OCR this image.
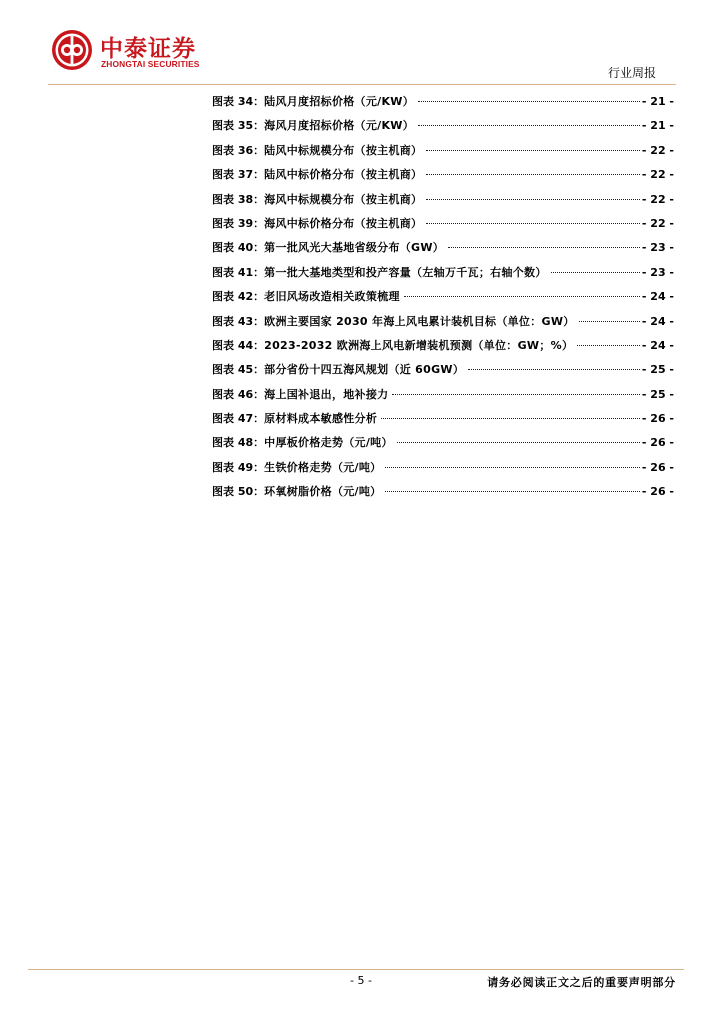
中泰证券
ZHONGTAI SECURITIES
行业周报
图表 34： 陆风月度招标价格（元/KW）	- 21 -
图表 35： 海风月度招标价格（元/KW）	- 21 -
图表 36： 陆风中标规模分布（按主机商）	- 22 -
图表 37： 陆风中标价格分布（按主机商）	- 22 -
图表 38： 海风中标规模分布（按主机商）	- 22 -
图表 39： 海风中标价格分布（按主机商）	- 22 -
图表 40： 第一批风光大基地省级分布（GW）	- 23 -
图表 41： 第一批大基地类型和投产容量（左轴万千瓦；右轴个数）	- 23 -
图表 42： 老旧风场改造相关政策梳理	- 24 -
图表 43： 欧洲主要国家 2030 年海上风电累计装机目标（单位：GW）	- 24 -
图表 44： 2023-2032 欧洲海上风电新增装机预测（单位：GW；%）	- 24 -
图表 45： 部分省份十四五海风规划（近 60GW）	- 25 -
图表 46： 海上国补退出，地补接力	- 25 -
图表 47： 原材料成本敏感性分析	- 26 -
图表 48： 中厚板价格走势（元/吨）	- 26 -
图表 49： 生铁价格走势（元/吨）	- 26 -
图表 50： 环氧树脂价格（元/吨）	- 26 -
- 5 -	请务必阅读正文之后的重要声明部分
